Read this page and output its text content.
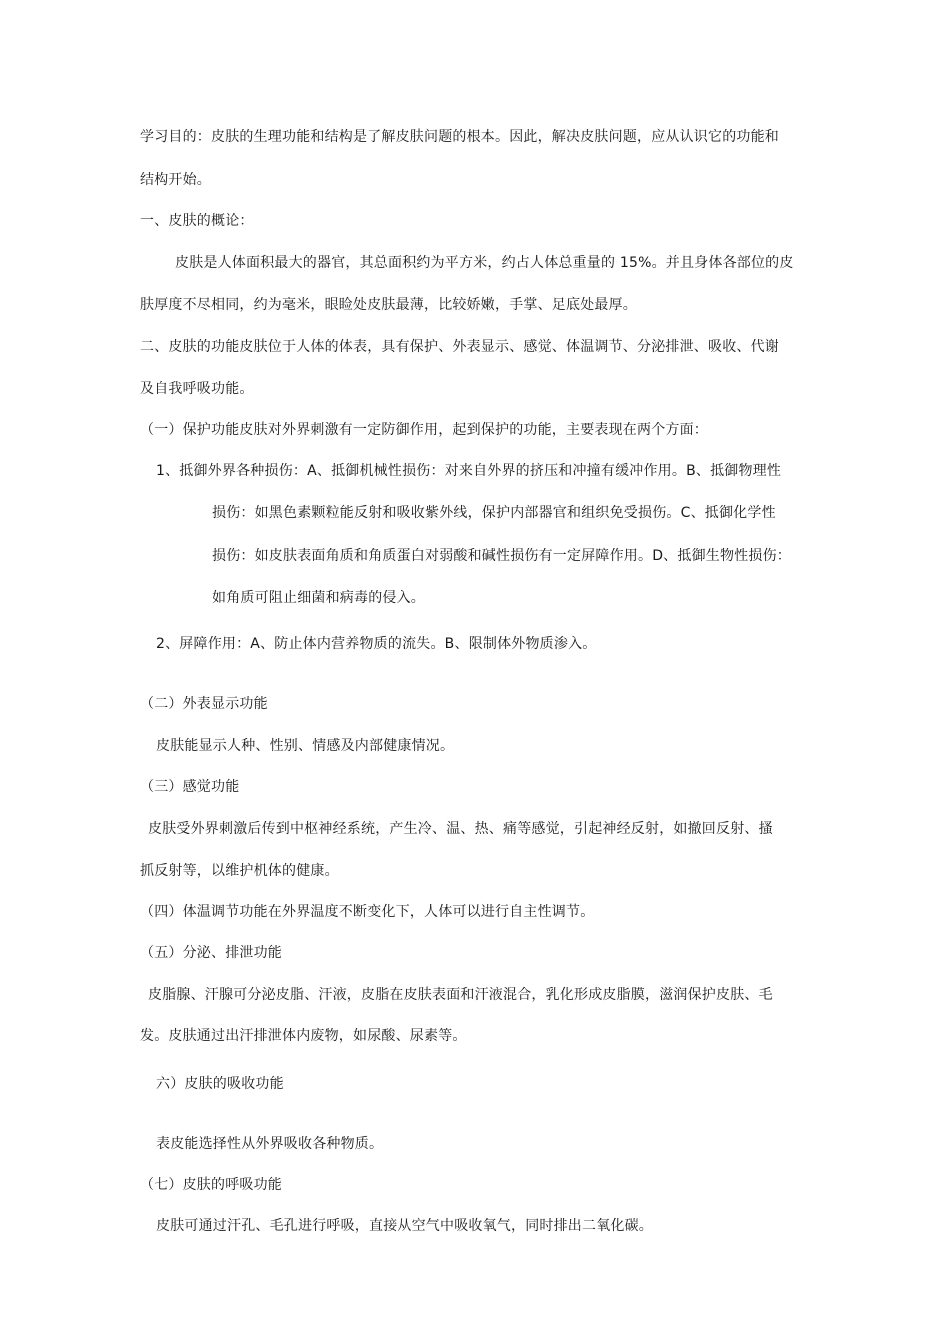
学习目的：皮肤的生理功能和结构是了解皮肤问题的根本。因此，解决皮肤问题，应从认识它的功能和
结构开始。
一、皮肤的概论：
皮肤是人体面积最大的器官，其总面积约为平方米，约占人体总重量的 15%。并且身体各部位的皮
肤厚度不尽相同，约为毫米，眼睑处皮肤最薄，比较娇嫩，手掌、足底处最厚。
二、皮肤的功能皮肤位于人体的体表，具有保护、外表显示、感觉、体温调节、分泌排泄、吸收、代谢
及自我呼吸功能。
（一）保护功能皮肤对外界刺激有一定防御作用，起到保护的功能，主要表现在两个方面：
1、抵御外界各种损伤：A、抵御机械性损伤：对来自外界的挤压和冲撞有缓冲作用。B、抵御物理性
损伤：如黑色素颗粒能反射和吸收紫外线，保护内部器官和组织免受损伤。C、抵御化学性
损伤：如皮肤表面角质和角质蛋白对弱酸和碱性损伤有一定屏障作用。D、抵御生物性损伤：
如角质可阻止细菌和病毒的侵入。
2、屏障作用：A、防止体内营养物质的流失。B、限制体外物质渗入。
（二）外表显示功能
皮肤能显示人种、性别、情感及内部健康情况。
（三）感觉功能
皮肤受外界刺激后传到中枢神经系统，产生冷、温、热、痛等感觉，引起神经反射，如撤回反射、搔
抓反射等，以维护机体的健康。
（四）体温调节功能在外界温度不断变化下，人体可以进行自主性调节。
（五）分泌、排泄功能
皮脂腺、汗腺可分泌皮脂、汗液，皮脂在皮肤表面和汗液混合，乳化形成皮脂膜，滋润保护皮肤、毛
发。皮肤通过出汗排泄体内废物，如尿酸、尿素等。
六）皮肤的吸收功能
表皮能选择性从外界吸收各种物质。
（七）皮肤的呼吸功能
皮肤可通过汗孔、毛孔进行呼吸，直接从空气中吸收氧气，同时排出二氧化碳。
